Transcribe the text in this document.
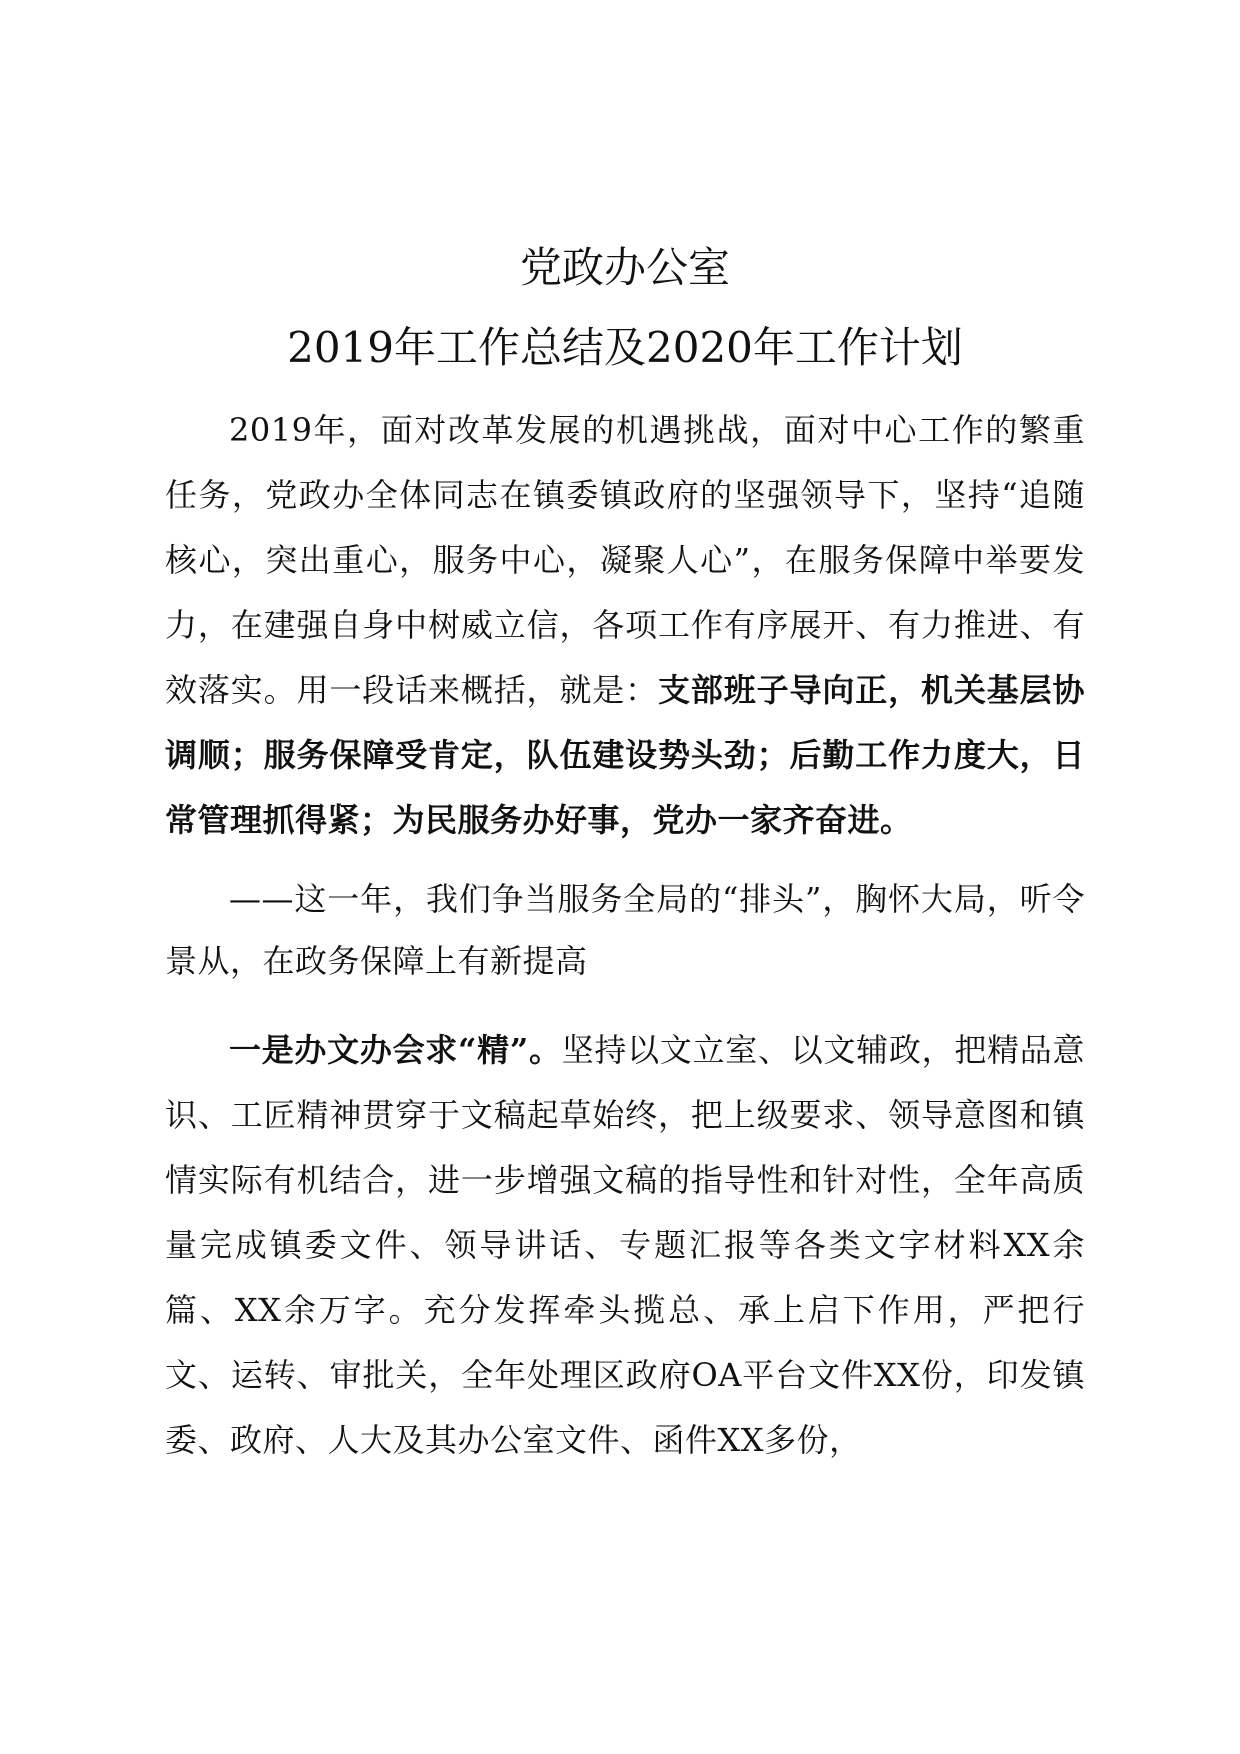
党政办公室
2019年工作总结及2020年工作计划
2019年，面对改革发展的机遇挑战，面对中心工作的繁重任务，党政办全体同志在镇委镇政府的坚强领导下，坚持“追随核心，突出重心，服务中心，凝聚人心”，在服务保障中举要发力，在建强自身中树威立信，各项工作有序展开、有力推进、有效落实。用一段话来概括，就是：支部班子导向正，机关基层协调顺；服务保障受肯定，队伍建设势头劲；后勤工作力度大，日常管理抓得紧；为民服务办好事，党办一家齐奋进。
——这一年，我们争当服务全局的“排头”，胸怀大局，听令景从，在政务保障上有新提高
一是办文办会求“精”。坚持以文立室、以文辅政，把精品意识、工匠精神贯穿于文稿起草始终，把上级要求、领导意图和镇情实际有机结合，进一步增强文稿的指导性和针对性，全年高质量完成镇委文件、领导讲话、专题汇报等各类文字材料XX余篇、XX余万字。充分发挥牵头揽总、承上启下作用，严把行文、运转、审批关，全年处理区政府OA平台文件XX份，印发镇委、政府、人大及其办公室文件、函件XX多份，
